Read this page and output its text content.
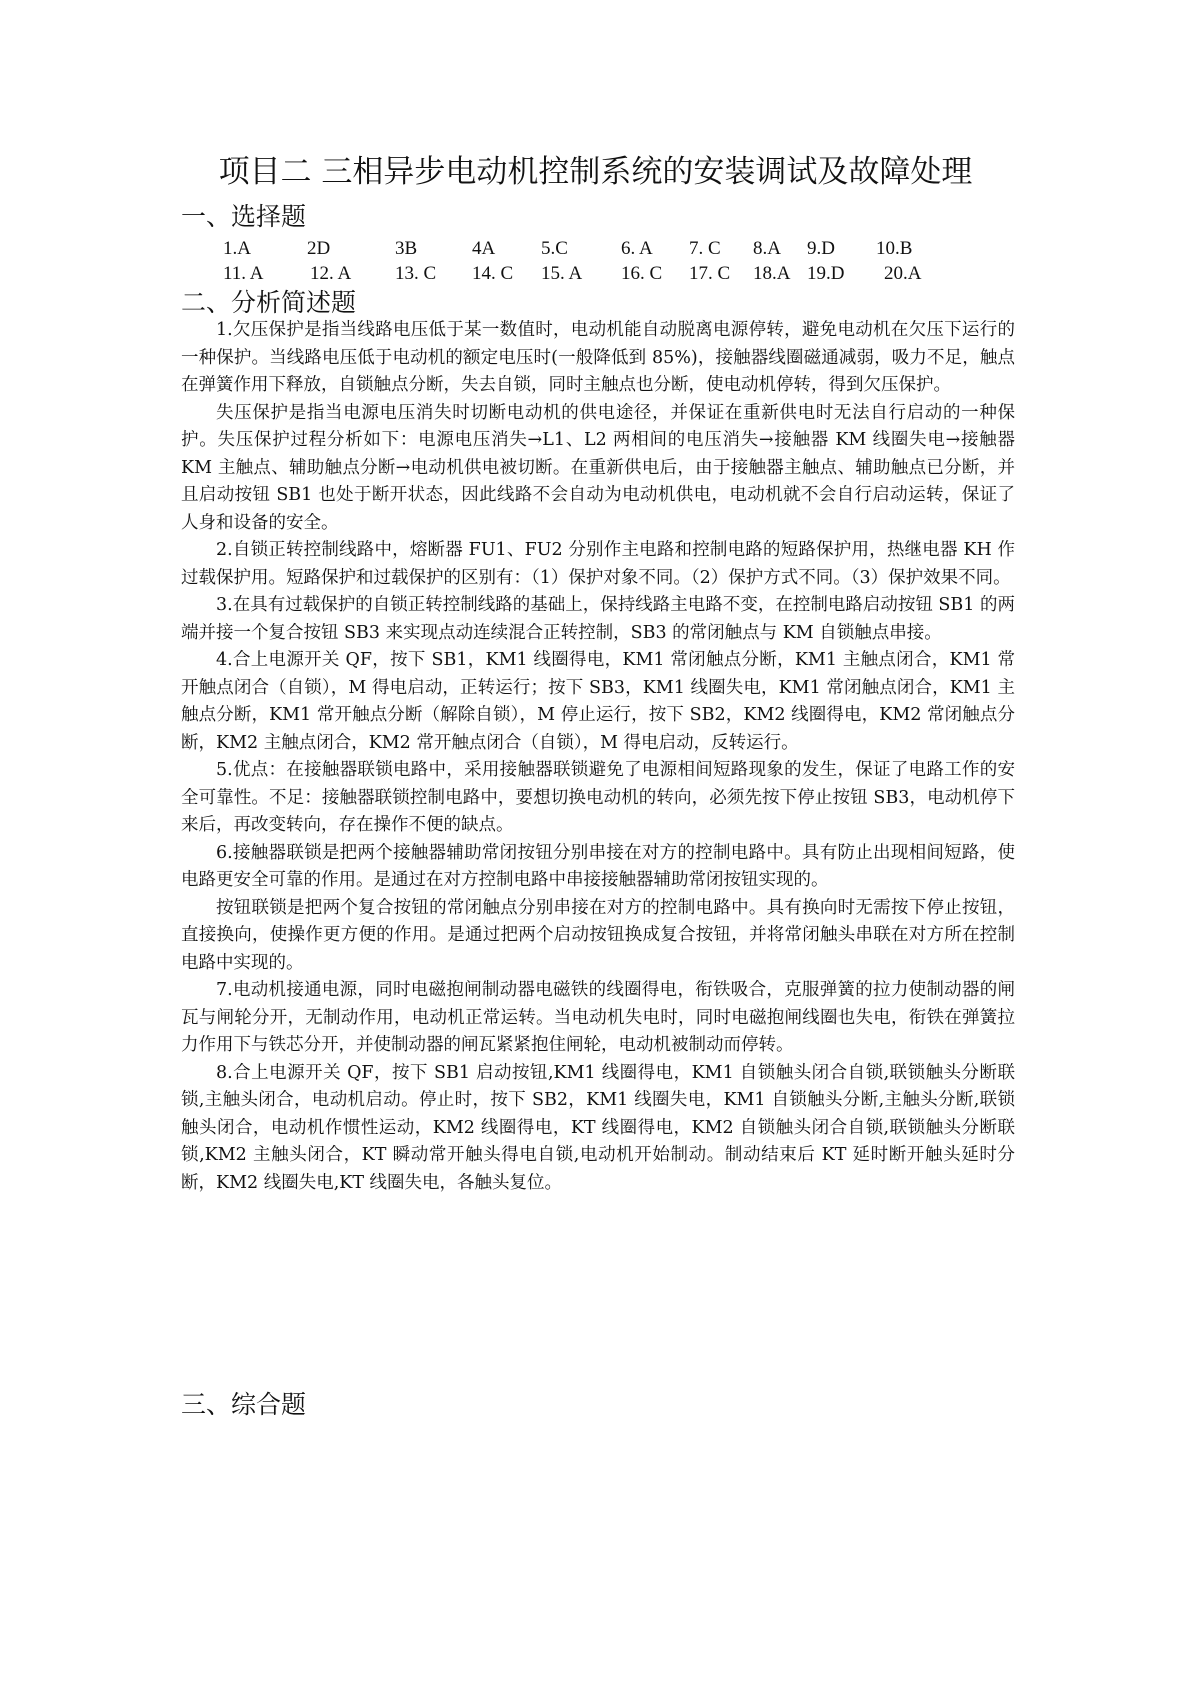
项目二 三相异步电动机控制系统的安装调试及故障处理
一、选择题
1.A	2D	3B	4A 5.C	6. A 7. C 8.A 9.D 10.B
11. A 12. A 13. C 14. C 15. A 16. C 17. C 18.A 19.D 20.A
二、分析简述题

1.欠压保护是指当线路电压低于某一数值时，电动机能自动脱离电源停转，避免电动机在欠压下运行的一种保护。当线路电压低于电动机的额定电压时(一般降低到 85%)，接触器线圈磁通减弱，吸力不足，触点在弹簧作用下释放，自锁触点分断，失去自锁，同时主触点也分断，使电动机停转，得到欠压保护。

失压保护是指当电源电压消失时切断电动机的供电途径，并保证在重新供电时无法自行启动的一种保护。失压保护过程分析如下：电源电压消失→L1、L2 两相间的电压消失→接触器 KM 线圈失电→接触器 KM 主触点、辅助触点分断→电动机供电被切断。在重新供电后，由于接触器主触点、辅助触点已分断，并且启动按钮 SB1 也处于断开状态，因此线路不会自动为电动机供电，电动机就不会自行启动运转，保证了人身和设备的安全。

2.自锁正转控制线路中，熔断器 FU1、FU2 分别作主电路和控制电路的短路保护用，热继电器 KH 作过载保护用。短路保护和过载保护的区别有：（1）保护对象不同。（2）保护方式不同。（3）保护效果不同。

3.在具有过载保护的自锁正转控制线路的基础上，保持线路主电路不变，在控制电路启动按钮 SB1 的两端并接一个复合按钮 SB3 来实现点动连续混合正转控制，SB3 的常闭触点与 KM 自锁触点串接。

4.合上电源开关 QF，按下 SB1，KM1 线圈得电，KM1 常闭触点分断，KM1 主触点闭合，KM1 常开触点闭合（自锁），M 得电启动，正转运行；按下 SB3，KM1 线圈失电，KM1 常闭触点闭合，KM1 主触点分断，KM1 常开触点分断（解除自锁），M 停止运行，按下 SB2，KM2 线圈得电，KM2 常闭触点分断，KM2 主触点闭合，KM2 常开触点闭合（自锁），M 得电启动，反转运行。

5.优点：在接触器联锁电路中，采用接触器联锁避免了电源相间短路现象的发生，保证了电路工作的安全可靠性。不足：接触器联锁控制电路中，要想切换电动机的转向，必须先按下停止按钮 SB3，电动机停下来后，再改变转向，存在操作不便的缺点。

6.接触器联锁是把两个接触器辅助常闭按钮分别串接在对方的控制电路中。具有防止出现相间短路，使电路更安全可靠的作用。是通过在对方控制电路中串接接触器辅助常闭按钮实现的。

按钮联锁是把两个复合按钮的常闭触点分别串接在对方的控制电路中。具有换向时无需按下停止按钮，直接换向，使操作更方便的作用。是通过把两个启动按钮换成复合按钮，并将常闭触头串联在对方所在控制电路中实现的。

7.电动机接通电源，同时电磁抱闸制动器电磁铁的线圈得电，衔铁吸合，克服弹簧的拉力使制动器的闸瓦与闸轮分开，无制动作用，电动机正常运转。当电动机失电时，同时电磁抱闸线圈也失电，衔铁在弹簧拉力作用下与铁芯分开，并使制动器的闸瓦紧紧抱住闸轮，电动机被制动而停转。

8.合上电源开关 QF，按下 SB1 启动按钮,KM1 线圈得电，KM1 自锁触头闭合自锁,联锁触头分断联锁,主触头闭合，电动机启动。停止时，按下 SB2，KM1 线圈失电，KM1 自锁触头分断,主触头分断,联锁触头闭合，电动机作惯性运动，KM2 线圈得电，KT 线圈得电，KM2 自锁触头闭合自锁,联锁触头分断联锁,KM2 主触头闭合，KT 瞬动常开触头得电自锁,电动机开始制动。制动结束后 KT 延时断开触头延时分断，KM2 线圈失电,KT 线圈失电，各触头复位。

三、综合题
